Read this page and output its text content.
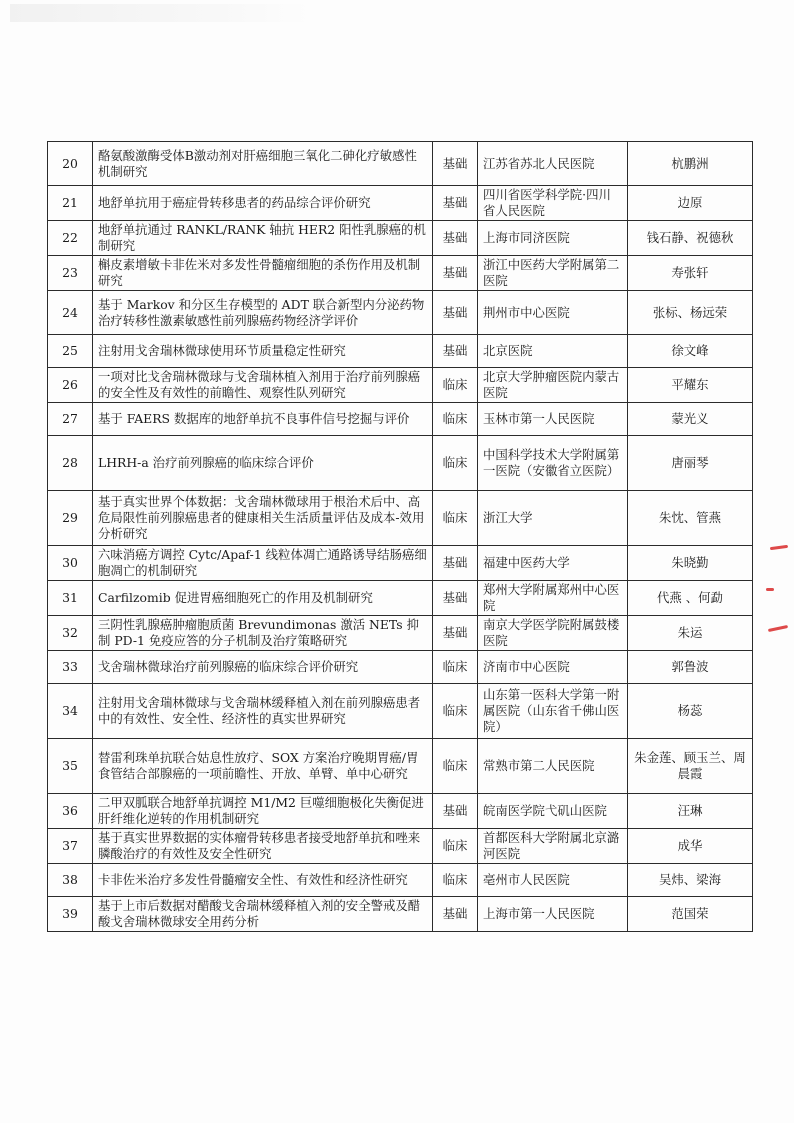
20	酪氨酸激酶受体B激动剂对肝癌细胞三氧化二砷化疗敏感性机制研究	基础	江苏省苏北人民医院	杭鹏洲
21	地舒单抗用于癌症骨转移患者的药品综合评价研究	基础	四川省医学科学院·四川省人民医院	边原
22	地舒单抗通过 RANKL/RANK 轴抗 HER2 阳性乳腺癌的机制研究	基础	上海市同济医院	钱石静、祝德秋
23	槲皮素增敏卡非佐米对多发性骨髓瘤细胞的杀伤作用及机制研究	基础	浙江中医药大学附属第二医院	寿张轩
24	基于 Markov 和分区生存模型的 ADT 联合新型内分泌药物治疗转移性激素敏感性前列腺癌药物经济学评价	基础	荆州市中心医院	张标、杨远荣
25	注射用戈舍瑞林微球使用环节质量稳定性研究	基础	北京医院	徐文峰
26	一项对比戈舍瑞林微球与戈舍瑞林植入剂用于治疗前列腺癌的安全性及有效性的前瞻性、观察性队列研究	临床	北京大学肿瘤医院内蒙古医院	平耀东
27	基于 FAERS 数据库的地舒单抗不良事件信号挖掘与评价	临床	玉林市第一人民医院	蒙光义
28	LHRH-a 治疗前列腺癌的临床综合评价	临床	中国科学技术大学附属第一医院（安徽省立医院）	唐丽琴
29	基于真实世界个体数据：戈舍瑞林微球用于根治术后中、高危局限性前列腺癌患者的健康相关生活质量评估及成本-效用分析研究	临床	浙江大学	朱忱、管燕
30	六味消癌方调控 Cytc/Apaf-1 线粒体凋亡通路诱导结肠癌细胞凋亡的机制研究	基础	福建中医药大学	朱晓勤
31	Carfilzomib 促进胃癌细胞死亡的作用及机制研究	基础	郑州大学附属郑州中心医院	代燕 、何勐
32	三阴性乳腺癌肿瘤胞质菌 Brevundimonas 激活 NETs 抑制 PD-1 免疫应答的分子机制及治疗策略研究	基础	南京大学医学院附属鼓楼医院	朱运
33	戈舍瑞林微球治疗前列腺癌的临床综合评价研究	临床	济南市中心医院	郭鲁波
34	注射用戈舍瑞林微球与戈舍瑞林缓释植入剂在前列腺癌患者中的有效性、安全性、经济性的真实世界研究	临床	山东第一医科大学第一附属医院（山东省千佛山医院）	杨蕊
35	替雷利珠单抗联合姑息性放疗、SOX 方案治疗晚期胃癌/胃食管结合部腺癌的一项前瞻性、开放、单臂、单中心研究	临床	常熟市第二人民医院	朱金莲、顾玉兰、周晨霞
36	二甲双胍联合地舒单抗调控 M1/M2 巨噬细胞极化失衡促进肝纤维化逆转的作用机制研究	基础	皖南医学院弋矶山医院	汪琳
37	基于真实世界数据的实体瘤骨转移患者接受地舒单抗和唑来膦酸治疗的有效性及安全性研究	临床	首都医科大学附属北京潞河医院	成华
38	卡非佐米治疗多发性骨髓瘤安全性、有效性和经济性研究	临床	亳州市人民医院	吴炜、梁海
39	基于上市后数据对醋酸戈舍瑞林缓释植入剂的安全警戒及醋酸戈舍瑞林微球安全用药分析	基础	上海市第一人民医院	范国荣
